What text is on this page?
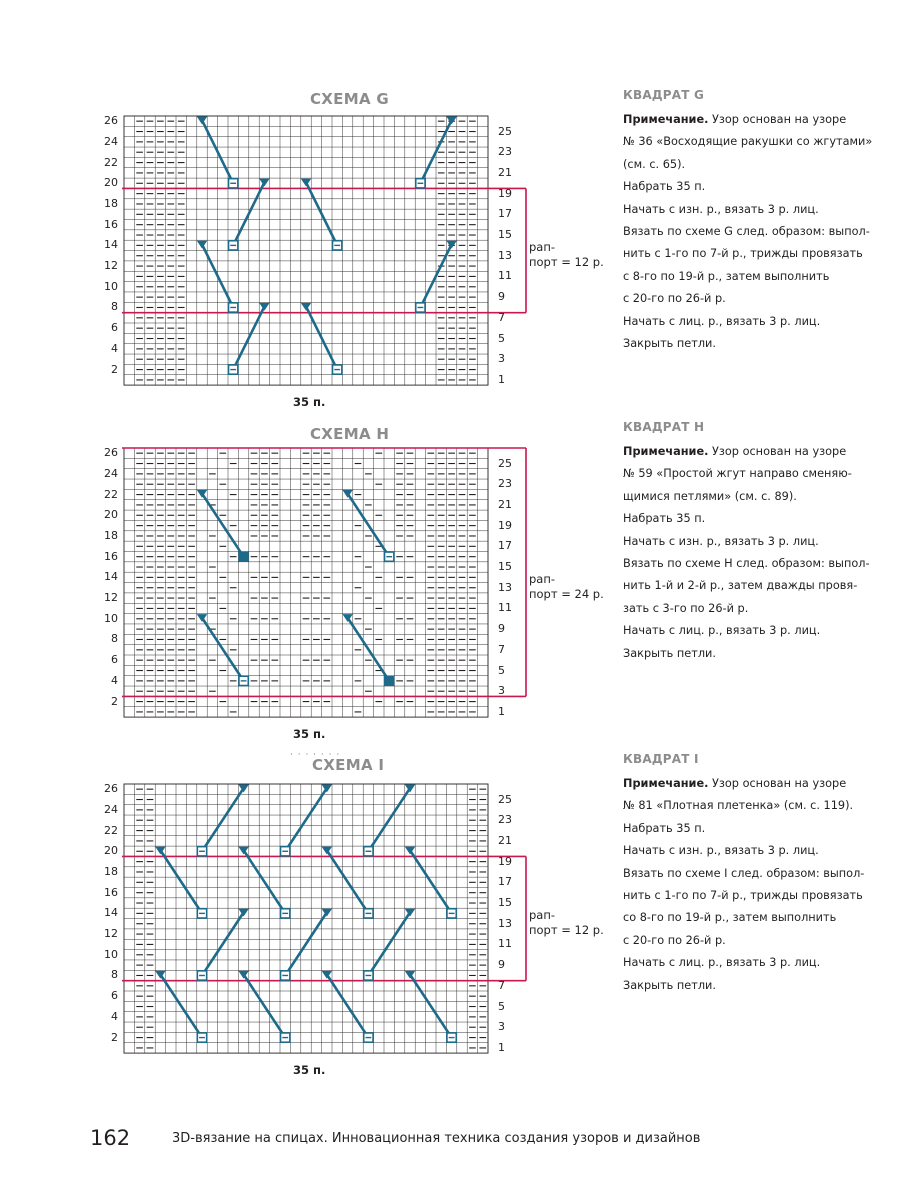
СХЕМА G
26
24
22
20
18
16
14
12
10
8
6
4
2
25
23
21
19
17
15
13
11
9
7
5
3
1
рап-
порт = 12 р.
35 п.
СХЕМА H
26
24
22
20
18
16
14
12
10
8
6
4
2
25
23
21
19
17
15
13
11
9
7
5
3
1
рап-
порт = 24 р.
35 п.
· · · · · · ·
СХЕМА I
26
24
22
20
18
16
14
12
10
8
6
4
2
25
23
21
19
17
15
13
11
9
7
5
3
1
рап-
порт = 12 р.
35 п.
КВАДРАТ G

Примечание. Узор основан на узоре

№ 36 «Восходящие ракушки со жгутами»

(см. с. 65).

Набрать 35 п.

Начать с изн. р., вязать 3 р. лиц.

Вязать по схеме G след. образом: выпол-

нить с 1-го по 7-й р., трижды провязать

с 8-го по 19-й р., затем выполнить

с 20-го по 26-й р.

Начать с лиц. р., вязать 3 р. лиц.

Закрыть петли.

КВАДРАТ H

Примечание. Узор основан на узоре

№ 59 «Простой жгут направо сменяю-

щимися петлями» (см. с. 89).

Набрать 35 п.

Начать с изн. р., вязать 3 р. лиц.

Вязать по схеме H след. образом: выпол-

нить 1-й и 2-й р., затем дважды провя-

зать с 3-го по 26-й р.

Начать с лиц. р., вязать 3 р. лиц.

Закрыть петли.

КВАДРАТ I

Примечание. Узор основан на узоре

№ 81 «Плотная плетенка» (см. с. 119).

Набрать 35 п.

Начать с изн. р., вязать 3 р. лиц.

Вязать по схеме I след. образом: выпол-

нить с 1-го по 7-й р., трижды провязать

со 8-го по 19-й р., затем выполнить

с 20-го по 26-й р.

Начать с лиц. р., вязать 3 р. лиц.

Закрыть петли.

162	3D-вязание на спицах. Инновационная техника создания узоров и дизайнов
